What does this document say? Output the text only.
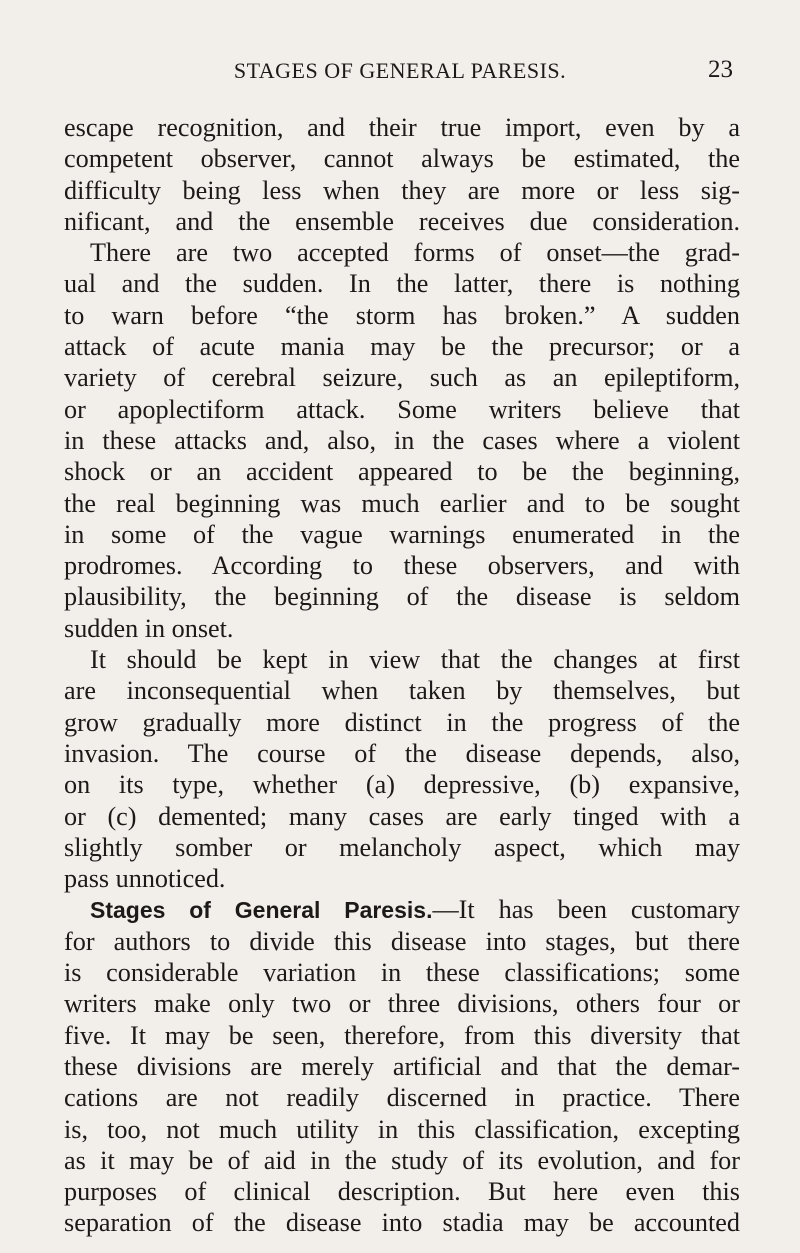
STAGES OF GENERAL PARESIS.	23
escape recognition, and their true import, even by a
competent observer, cannot always be estimated, the
difficulty being less when they are more or less sig-
nificant, and the ensemble receives due consideration.
There are two accepted forms of onset—the grad-
ual and the sudden. In the latter, there is nothing
to warn before “the storm has broken.” A sudden
attack of acute mania may be the precursor; or a
variety of cerebral seizure, such as an epileptiform,
or apoplectiform attack. Some writers believe that
in these attacks and, also, in the cases where a violent
shock or an accident appeared to be the beginning,
the real beginning was much earlier and to be sought
in some of the vague warnings enumerated in the
prodromes. According to these observers, and with
plausibility, the beginning of the disease is seldom
sudden in onset.
It should be kept in view that the changes at first
are inconsequential when taken by themselves, but
grow gradually more distinct in the progress of the
invasion. The course of the disease depends, also,
on its type, whether (a) depressive, (b) expansive,
or (c) demented; many cases are early tinged with a
slightly somber or melancholy aspect, which may
pass unnoticed.
Stages of General Paresis.—It has been customary
for authors to divide this disease into stages, but there
is considerable variation in these classifications; some
writers make only two or three divisions, others four or
five. It may be seen, therefore, from this diversity that
these divisions are merely artificial and that the demar-
cations are not readily discerned in practice. There
is, too, not much utility in this classification, excepting
as it may be of aid in the study of its evolution, and for
purposes of clinical description. But here even this
separation of the disease into stadia may be accounted
